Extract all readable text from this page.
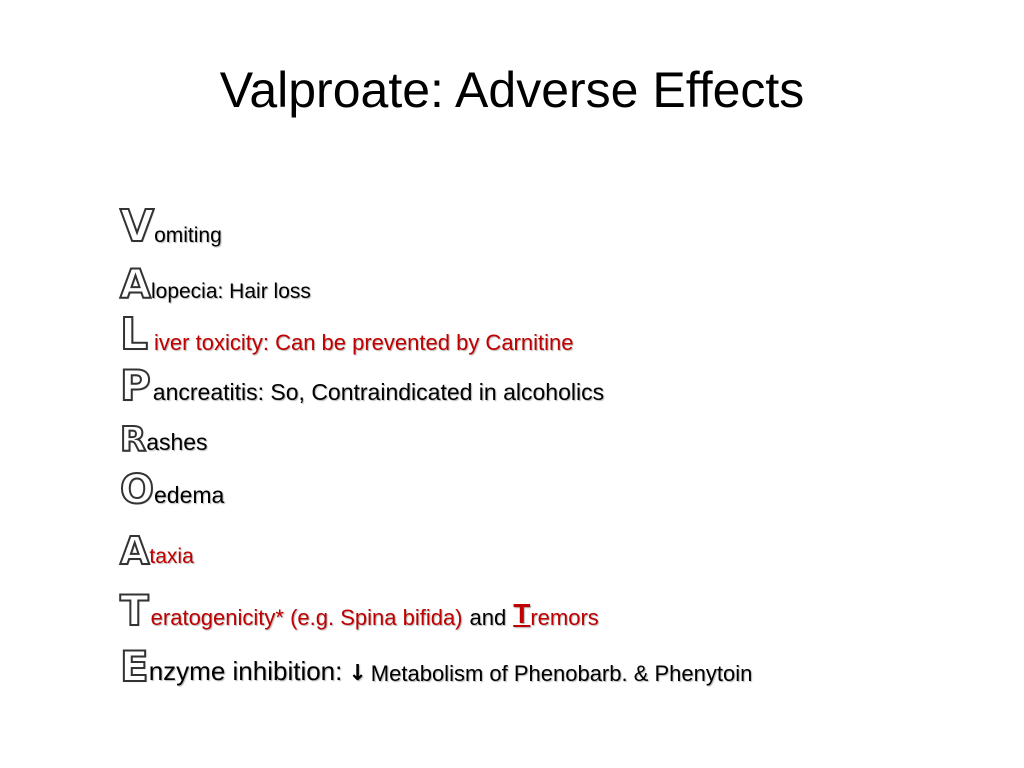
Valproate: Adverse Effects
V omiting
A lopecia: Hair loss
L iver toxicity: Can be prevented by Carnitine
P ancreatitis: So, Contraindicated in alcoholics
R ashes
O edema
A taxia
T eratogenicity* (e.g. Spina bifida) and T remors
E nzyme inhibition: ↓ Metabolism of Phenobarb. & Phenytoin
